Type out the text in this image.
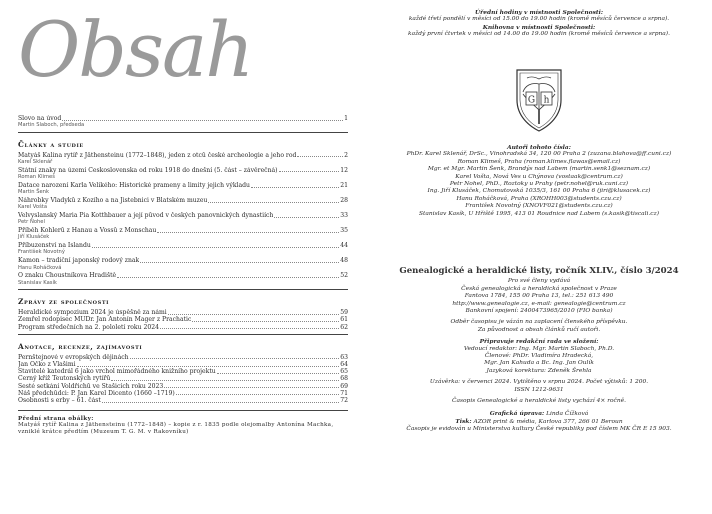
Obsah
Slovo na úvod	1
Martin Slaboch, předseda
Články a studie
Matyáš Kalina rytíř z Jäthensteinu (1772–1848), jeden z otců české archeologie a jeho rod	2
Karel Sklenář
Státní znaky na území Československa od roku 1918 do dnešní (5. část – závěrečná)	12
Roman Klimeš
Datace narození Karla Velikého: Historické prameny a limity jejich výkladu	21
Martin Šenk
Náhrobky Vladyků z Kozího a na Jistebnici v Blatském muzeu	28
Karel Vošta
Velvyslanský Maria Pia Kotthbauer a její původ v českých panovnických dynastiích	33
Petr Nohel
Příběh Kohlerů z Hanau a Vossů z Monschau	35
Jiří Klusáček
Příbuzenství na Islandu	44
František Novotný
Kamon – tradiční japonský rodový znak	48
Hanu Roháčková
O znaku Choustníkova Hradiště	52
Stanislav Kasík
Zprávy ze společnosti
Heraldické sympozium 2024 je úspěšně za námi	59
Zemřel rodopisec MUDr. Jan Antonín Mager z Prachatic	61
Program středečních na 2. pololetí roku 2024	62
Anotace, recenze, zajímavosti
Pernštejnové v evropských dějinách	63
Jan Očko z Vlašimi	64
Stavitelé katedrál 6 jako vrchol mimořádného knižního projektu	65
Černý kříž Teutonských rytířů	68
Šesté setkání Voldřichů ve Stašicích roku 2023	69
Náš předchůdci: P. Jan Karel Dicento (1660 –1719)	71
Osobnosti s erby – 61. část	72
Přední strana obálky:
Matyáš rytíř Kalina z Jäthensteinu (1772–1848) – kopie z r. 1835 podle olejomalby Antonína Machka, vzniklé krátce předtím (Muzeum T. G. M. v Rakovníku)
Úřední hodiny v místnosti Společnosti:
každé třetí pondělí v měsíci od 15.00 do 19.00 hodin (kromě měsíců července a srpna).
Knihovna v místnosti Společnosti:
každý první čtvrtek v měsíci od 14.00 do 19.00 hodin (kromě měsíců července a srpna).
G h
Autoři tohoto čísla:
PhDr. Karel Sklenář, DrSc., Vinohradská 34, 120 00 Praha 2 (zuzana.blahova@ff.cuni.cz)
Roman Klimeš, Praha (roman.klimes.flawas@email.cz)
Mgr. et Mgr. Martin Šenk, Brandýs nad Labem (martin.senk1@seznam.cz)
Karel Vošta, Nová Ves u Chýnova (vostaak@centrum.cz)
Petr Nohel, PhD., Roztoky u Prahy (petr.nohel@ruk.cuni.cz)
Ing. Jiří Klusáček, Chomutovská 1035/3, 161 00 Praha 6 (jiri@klusacek.cz)
Hanu Roháčková, Praha (XROHH003@students.czu.cz)
František Novotný (XNOVF021@students.czu.cz)
Stanislav Kasík, U Hřiště 1995, 413 01 Roudnice nad Labem (s.kasik@tiscali.cz)
Genealogické a heraldické listy, ročník XLIV., číslo 3/2024
Pro své členy vydává
Česká genealogická a heraldická společnost v Praze
Fantova 1784, 155 00 Praha 13, tel.: 251 613 490
http://www.genealogie.cz, e-mail: genealogie@centrum.cz
Bankovní spojení: 2400473965/2010 (FIO banka)
Odběr časopisu je vázán na zaplacení členského příspěvku.
Za původnost a obsah článků ručí autoři.
Připravuje redakční rada ve složení:
Vedoucí redaktor: Ing. Mgr. Martin Slaboch, Ph.D.
Členové: PhDr. Vladimíra Hradecká,
Mgr. Jan Kahuda a Bc. Ing. Jan Oulík
Jazyková korektura: Zdeněk Šrehla
Uzávěrka: v červenci 2024. Vytištěno v srpnu 2024. Počet výtisků: 1 200.
ISSN 1212-9631
Časopis Genealogické a heraldické listy vychází 4× ročně.
Grafická úprava: Linda Čížková
Tisk: AZOR print & média, Karlova 377, 266 01 Beroun
Časopis je evidován u Ministerstva kultury České republiky pod číslem MK ČR E 15 903.
